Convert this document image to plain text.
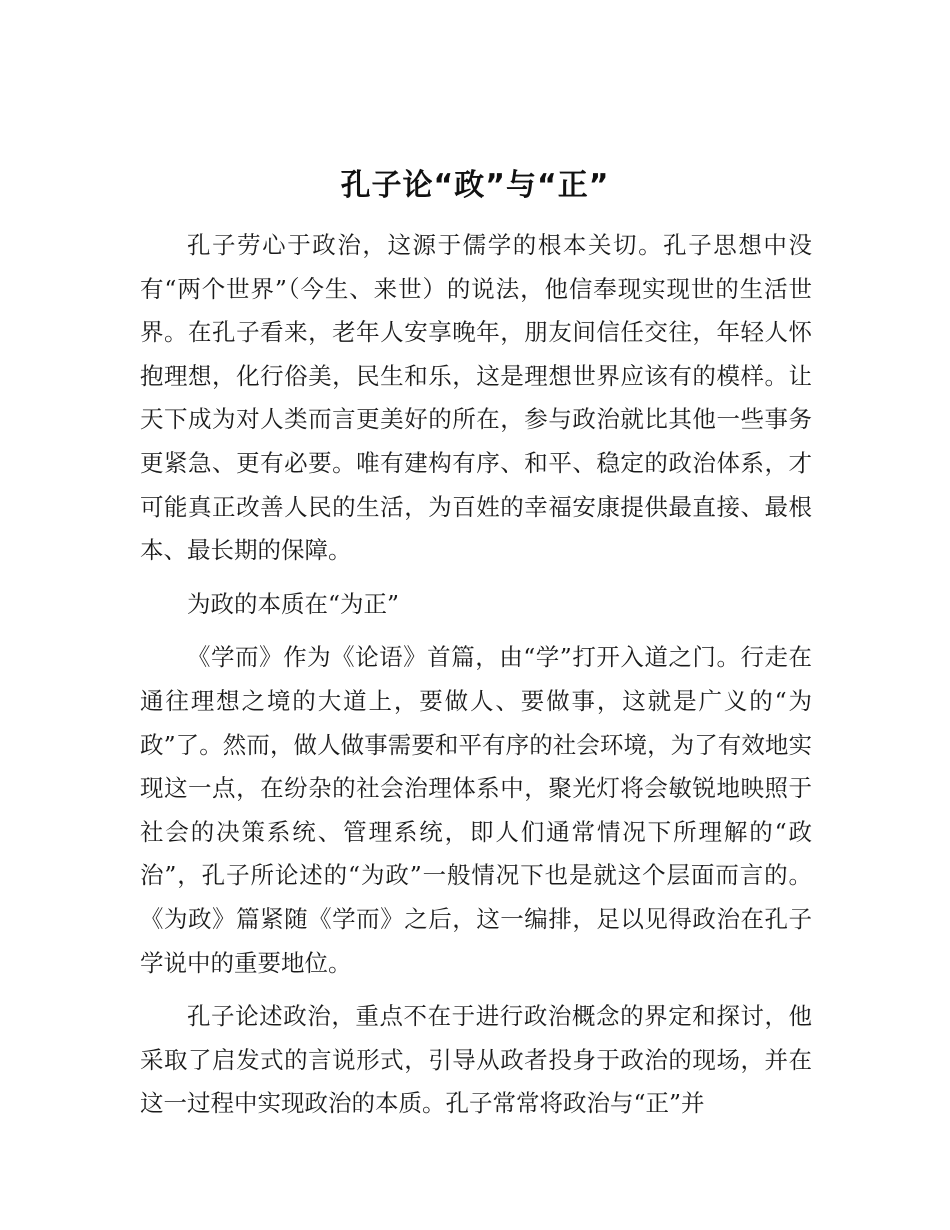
孔子论“政”与“正”

孔子劳心于政治，这源于儒学的根本关切。孔子思想中没有“两个世界”（今生、来世）的说法，他信奉现实现世的生活世界。在孔子看来，老年人安享晚年，朋友间信任交往，年轻人怀抱理想，化行俗美，民生和乐，这是理想世界应该有的模样。让天下成为对人类而言更美好的所在，参与政治就比其他一些事务更紧急、更有必要。唯有建构有序、和平、稳定的政治体系，才可能真正改善人民的生活，为百姓的幸福安康提供最直接、最根本、最长期的保障。

为政的本质在“为正”

《学而》作为《论语》首篇，由“学”打开入道之门。行走在通往理想之境的大道上，要做人、要做事，这就是广义的“为政”了。然而，做人做事需要和平有序的社会环境，为了有效地实现这一点，在纷杂的社会治理体系中，聚光灯将会敏锐地映照于社会的决策系统、管理系统，即人们通常情况下所理解的“政治”，孔子所论述的“为政”一般情况下也是就这个层面而言的。《为政》篇紧随《学而》之后，这一编排，足以见得政治在孔子学说中的重要地位。

孔子论述政治，重点不在于进行政治概念的界定和探讨，他采取了启发式的言说形式，引导从政者投身于政治的现场，并在这一过程中实现政治的本质。孔子常常将政治与“正”并
